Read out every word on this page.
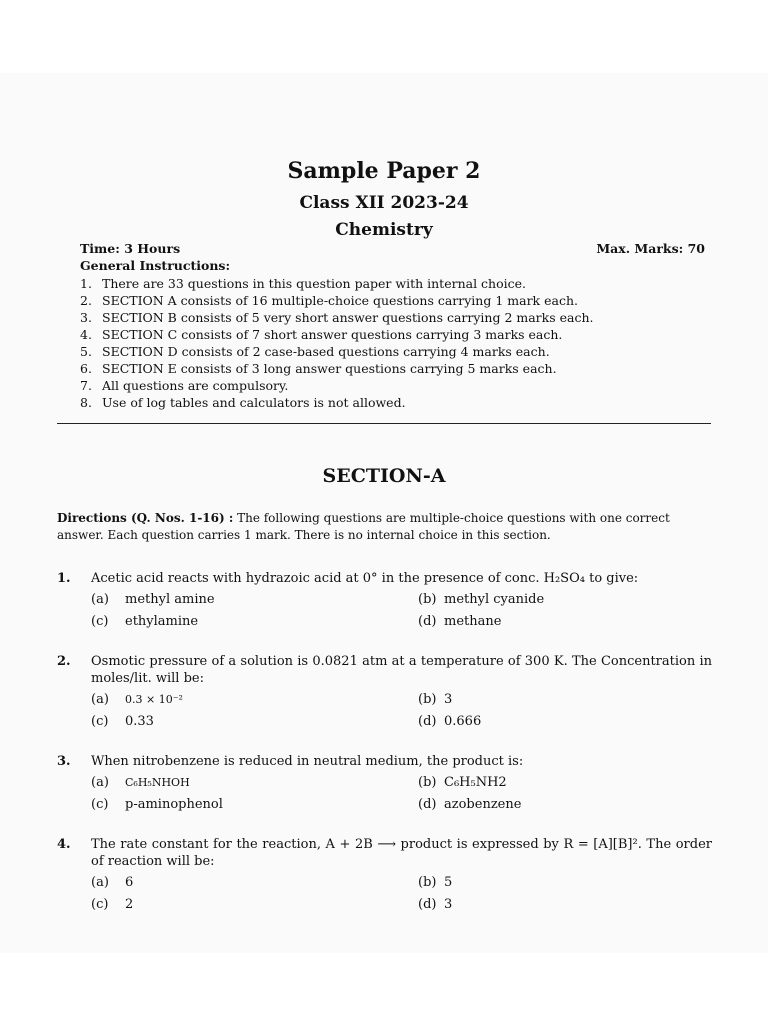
Sample Paper 2
Class XII 2023-24
Chemistry
Time: 3 Hours	Max. Marks: 70
General Instructions:
1. There are 33 questions in this question paper with internal choice.
2. SECTION A consists of 16 multiple-choice questions carrying 1 mark each.
3. SECTION B consists of 5 very short answer questions carrying 2 marks each.
4. SECTION C consists of 7 short answer questions carrying 3 marks each.
5. SECTION D consists of 2 case-based questions carrying 4 marks each.
6. SECTION E consists of 3 long answer questions carrying 5 marks each.
7. All questions are compulsory.
8. Use of log tables and calculators is not allowed.
SECTION-A
Directions (Q. Nos. 1-16) : The following questions are multiple-choice questions with one correct answer. Each question carries 1 mark. There is no internal choice in this section.
1. Acetic acid reacts with hydrazoic acid at 0° in the presence of conc. H₂SO₄ to give:
(a) methyl amine	(b) methyl cyanide
(c) ethylamine	(d) methane
2. Osmotic pressure of a solution is 0.0821 atm at a temperature of 300 K. The Concentration in moles/lit. will be:
(a) 0.3 × 10⁻²	(b) 3
(c) 0.33	(d) 0.666
3. When nitrobenzene is reduced in neutral medium, the product is:
(a) C₆H₅NHOH	(b) C₆H₅NH2
(c) p-aminophenol	(d) azobenzene
4. The rate constant for the reaction, A + 2B ⟶ product is expressed by R = [A][B]². The order of reaction will be:
(a) 6	(b) 5
(c) 2	(d) 3
